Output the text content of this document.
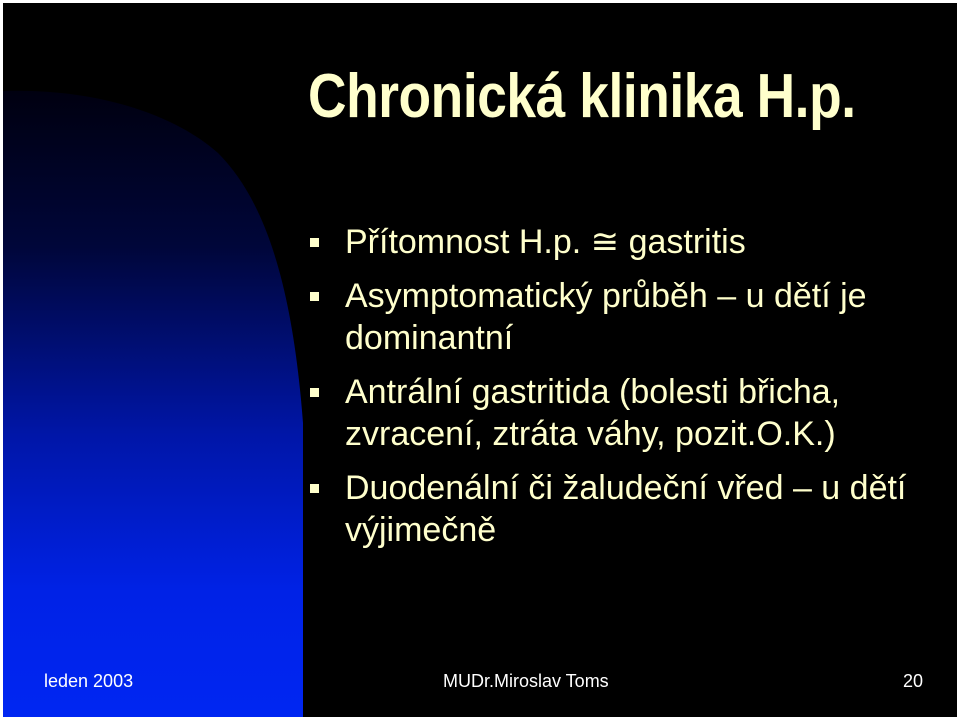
Chronická klinika H.p.
Přítomnost H.p. ≅ gastritis
Asymptomatický průběh – u dětí je dominantní
Antrální gastritida (bolesti břicha, zvracení, ztráta váhy, pozit.O.K.)
Duodenální či žaludeční vřed – u dětí výjimečně
leden 2003	MUDr.Miroslav Toms	20
